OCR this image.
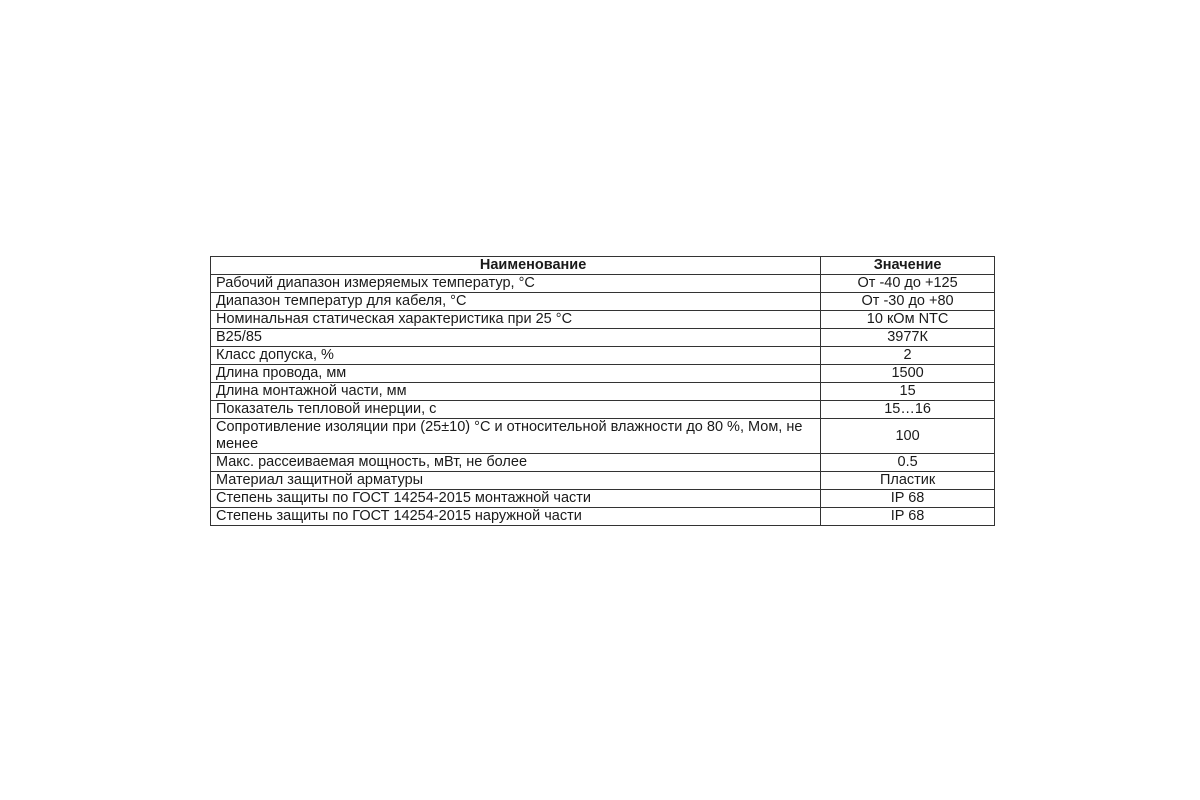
Наименование	Значение
Рабочий диапазон измеряемых температур, °С	От -40 до +125
Диапазон температур для кабеля, °С	От -30 до +80
Номинальная статическая характеристика при 25 °С	10 кОм NTC
B25/85	3977К
Класс допуска, %	2
Длина провода, мм	1500
Длина монтажной части, мм	15
Показатель тепловой инерции, с	15…16
Сопротивление изоляции при (25±10) °С и относительной влажности до 80 %, Мом, не менее	100
Макс. рассеиваемая мощность, мВт, не более	0.5
Материал защитной арматуры	Пластик
Степень защиты по ГОСТ 14254-2015 монтажной части	IP 68
Степень защиты по ГОСТ 14254-2015 наружной части	IP 68
